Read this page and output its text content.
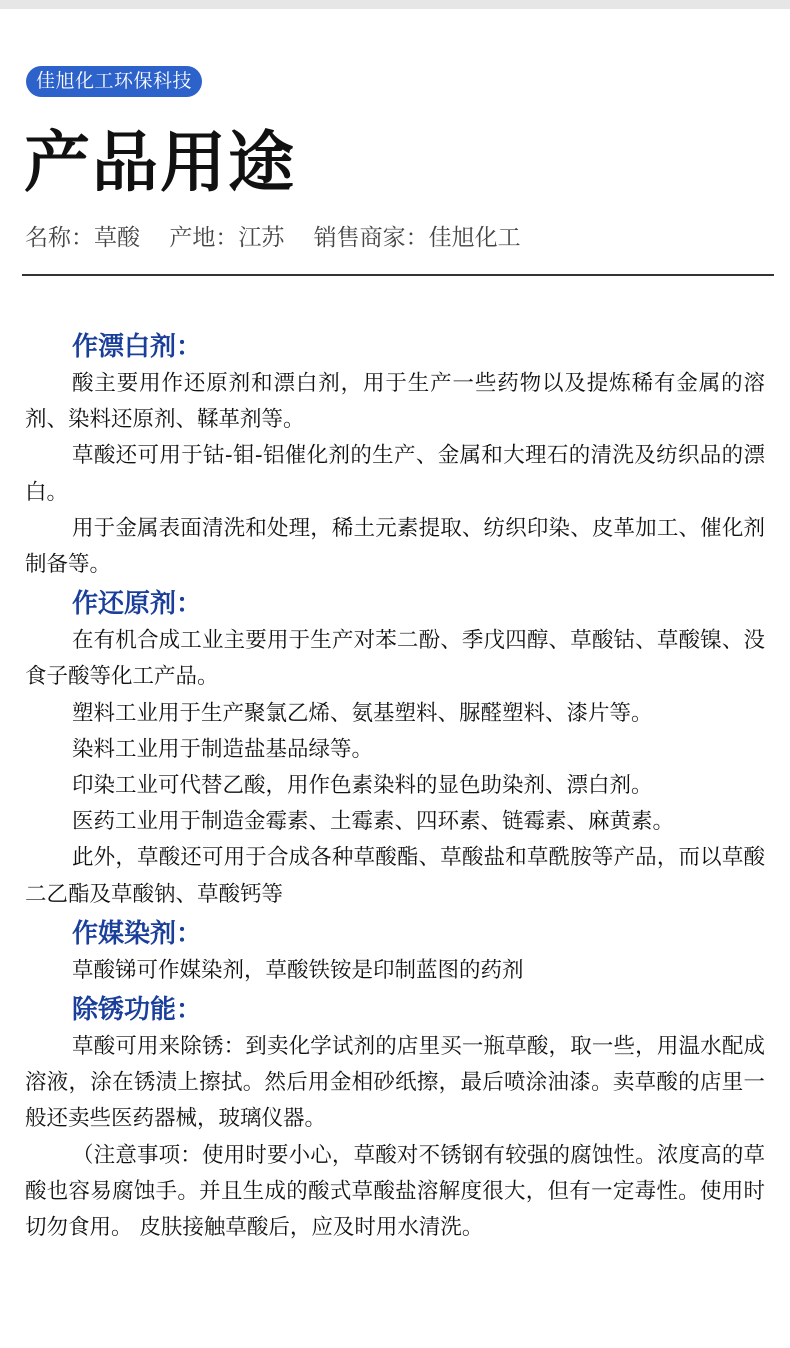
佳旭化工环保科技
产品用途
名称：草酸 产地：江苏 销售商家：佳旭化工
作漂白剂：

酸主要用作还原剂和漂白剂，用于生产一些药物以及提炼稀有金属的溶剂、染料还原剂、鞣革剂等。

草酸还可用于钴-钼-铝催化剂的生产、金属和大理石的清洗及纺织品的漂白。

用于金属表面清洗和处理，稀土元素提取、纺织印染、皮革加工、催化剂制备等。

作还原剂：

在有机合成工业主要用于生产对苯二酚、季戊四醇、草酸钴、草酸镍、没食子酸等化工产品。

塑料工业用于生产聚氯乙烯、氨基塑料、脲醛塑料、漆片等。

染料工业用于制造盐基品绿等。

印染工业可代替乙酸，用作色素染料的显色助染剂、漂白剂。

医药工业用于制造金霉素、土霉素、四环素、链霉素、麻黄素。

此外，草酸还可用于合成各种草酸酯、草酸盐和草酰胺等产品，而以草酸二乙酯及草酸钠、草酸钙等

作媒染剂：

草酸锑可作媒染剂，草酸铁铵是印制蓝图的药剂

除锈功能：

草酸可用来除锈：到卖化学试剂的店里买一瓶草酸，取一些，用温水配成溶液，涂在锈渍上擦拭。然后用金相砂纸擦，最后喷涂油漆。卖草酸的店里一般还卖些医药器械，玻璃仪器。

（注意事项：使用时要小心，草酸对不锈钢有较强的腐蚀性。浓度高的草酸也容易腐蚀手。并且生成的酸式草酸盐溶解度很大，但有一定毒性。使用时切勿食用。 皮肤接触草酸后，应及时用水清洗。
